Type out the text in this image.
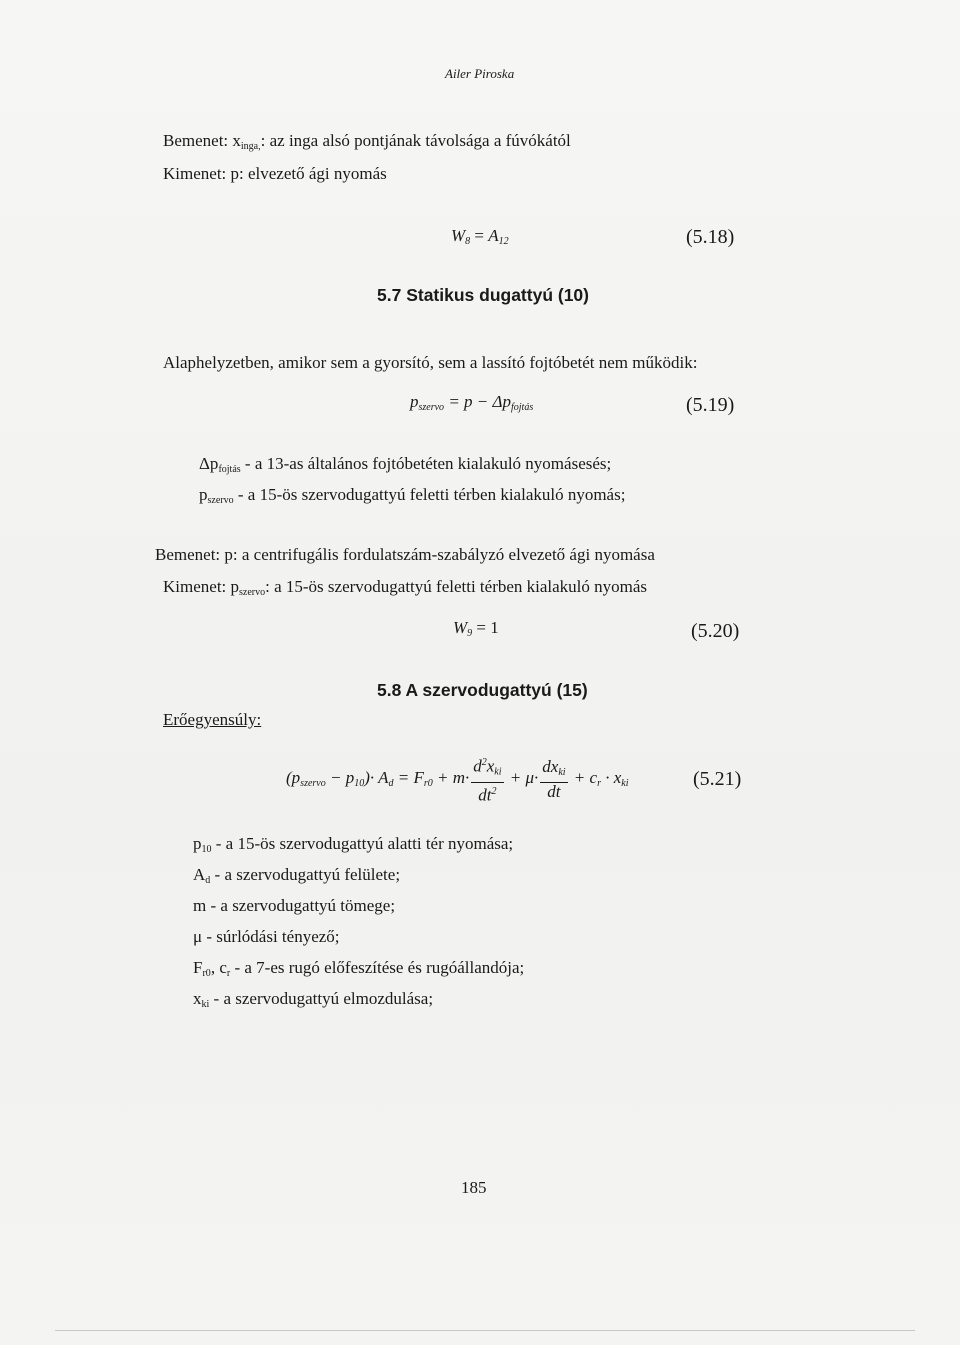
Ailer Piroska
Bemenet: xinga,: az inga alsó pontjának távolsága a fúvókától
Kimenet: p: elvezető ági nyomás
W8 = A12	(5.18)
5.7 Statikus dugattyú (10)
Alaphelyzetben, amikor sem a gyorsító, sem a lassító fojtóbetét nem működik:
$p_{szervo} = p - \Delta p_{fojtás}$	(5.19)
Δpfojtás - a 13-as általános fojtóbetéten kialakuló nyomásesés;
pszervo - a 15-ös szervodugattyú feletti térben kialakuló nyomás;
Bemenet: p: a centrifugális fordulatszám-szabályzó elvezető ági nyomása
Kimenet: pszervo: a 15-ös szervodugattyú feletti térben kialakuló nyomás
W9 = 1	(5.20)
5.8 A szervodugattyú (15)
Erőegyensúly:
$(p_{szervo} - p10)\cdot A_d = F_{r0} + m\cdot \frac{d^2x_{ki}}{dt^2} + \mu\cdot \frac{dx_{ki}}{dt} + c_r \cdot x_{ki}$	(5.21)
p10 - a 15-ös szervodugattyú alatti tér nyomása;
Ad - a szervodugattyú felülete;
m - a szervodugattyú tömege;
μ - súrlódási tényező;
Fr0, cr - a 7-es rugó előfeszítése és rugóállandója;
xki - a szervodugattyú elmozdulása;
185
